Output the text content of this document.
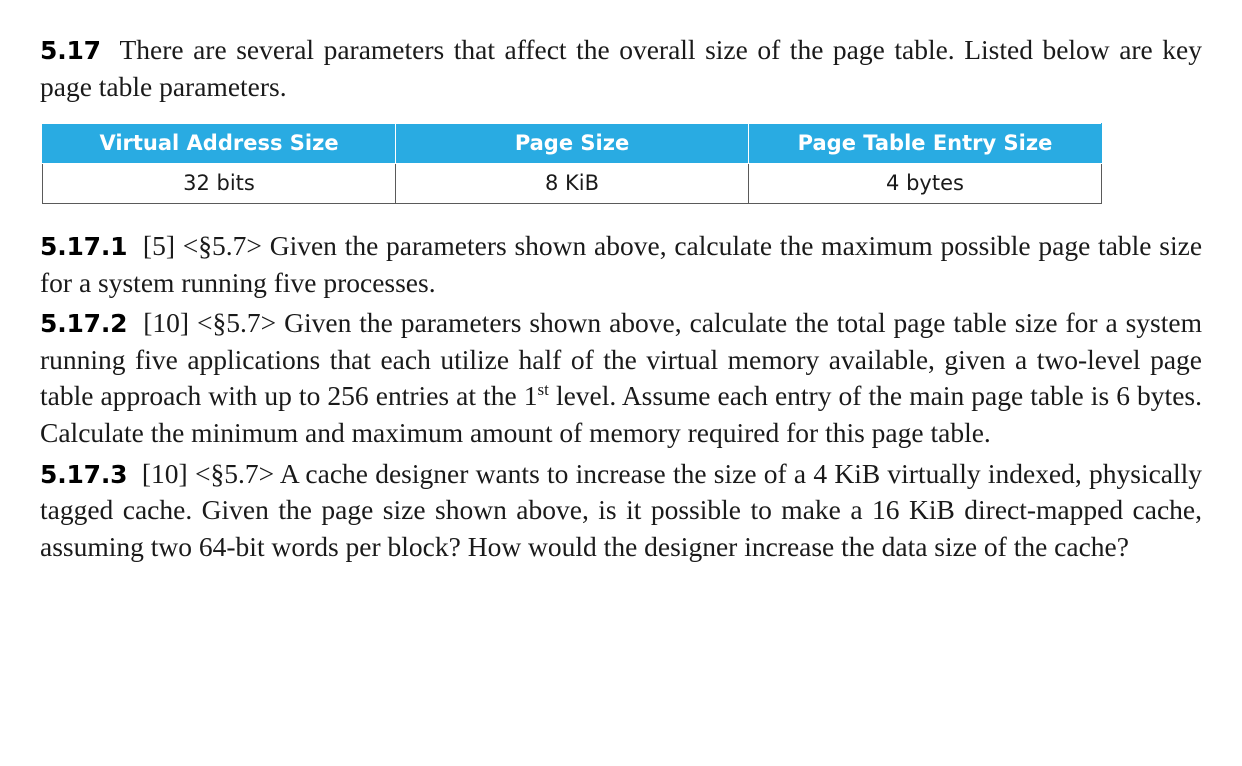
5.17 There are several parameters that affect the overall size of the page table. Listed below are key page table parameters.

Virtual Address Size	Page Size	Page Table Entry Size
32 bits	8 KiB	4 bytes

5.17.1 [5] <§5.7> Given the parameters shown above, calculate the maximum possible page table size for a system running five processes.

5.17.2 [10] <§5.7> Given the parameters shown above, calculate the total page table size for a system running five applications that each utilize half of the virtual memory available, given a two-level page table approach with up to 256 entries at the 1st level. Assume each entry of the main page table is 6 bytes. Calculate the minimum and maximum amount of memory required for this page table.

5.17.3 [10] <§5.7> A cache designer wants to increase the size of a 4 KiB virtually indexed, physically tagged cache. Given the page size shown above, is it possible to make a 16 KiB direct-mapped cache, assuming two 64-bit words per block? How would the designer increase the data size of the cache?
